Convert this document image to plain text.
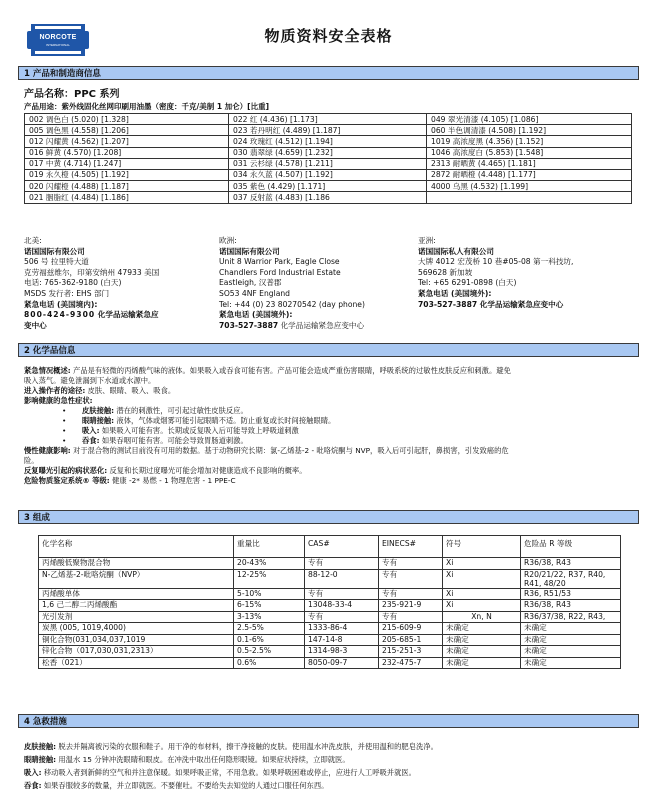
NORCOTE
INTERNATIONAL	物质资料安全表格
1 产品和制造商信息
产品名称：PPC 系列
产品用途：紫外线固化丝网印刷用油墨（密度：千克/美制 1 加仑）[比重]
002 调色白 (5.020) [1.328]	022 红 (4.436) [1.173]	049 翠光清漆 (4.105) [1.086]
005 调色黑 (4.558) [1.206]	023 若丹明红 (4.489) [1.187]	060 半色调清漆 (4.508) [1.192]
012 闪耀黄 (4.562) [1.207]	024 玫瑰红 (4.512) [1.194]	1019 高浓度黑 (4.356) [1.152]
016 鲜黄 (4.570) [1.208]	030 翡翠绿 (4.659) [1.232]	1046 高浓度白 (5.853) [1.548]
017 中黄 (4.714) [1.247]	031 云杉绿 (4.578) [1.211]	2313 耐晒黄 (4.465) [1.181]
019 永久橙 (4.505) [1.192]	034 永久蓝 (4.507) [1.192]	2872 耐晒橙 (4.448) [1.177]
020 闪耀橙 (4.488) [1.187]	035 紫色 (4.429) [1.171]	4000 乌黑 (4.532) [1.199]
021 胭脂红 (4.484) [1.186]	037 反射蓝 (4.483) [1.186	
北美:
诺国国际有限公司
506 号 拉里特大道
克劳福兹维尔，印第安纳州 47933 美国
电话: 765-362-9180 (白天)
MSDS 发行者: EHS 部门
紧急电话 (美国境内):
800-424-9300 化学品运输紧急应
变中心
欧洲:
诺国国际有限公司
Unit 8 Warrior Park, Eagle Close
Chandlers Ford Industrial Estate
Eastleigh, 汉普郡
SO53 4NF England
Tel: +44 (0) 23 80270542 (day phone)
紧急电话 (美国境外):
703-527-3887 化学品运输紧急应变中心
亚洲:
诺国国际私人有限公司
大牌 4012 宏茂桥 10 巷#05-08 第一科技坊,
569628 新加坡
Tel: +65 6291-0898 (白天)
紧急电话 (美国境外):
703-527-3887 化学品运输紧急应变中心
2 化学品信息
紧急情况概述: 产品是有轻微的丙烯酸气味的液体。如果吸入或吞食可能有害。产品可能会造成严重伤害眼睛，呼吸系统的过敏性皮肤反应和刺激。避免
吸入蒸气。避免泄漏到下水道或水源中。
进入操作者的途径: 皮肤、眼睛、吸入、吸食。
影响健康的急性症状:
• 皮肤接触: 潜在的刺激性，可引起过敏性皮肤反应。
• 眼睛接触: 液体，气体或烟雾可能引起眼睛不适。防止重复或长时间接触眼睛。
• 吸入: 如果吸入可能有害。长期或反复吸入后可能导致上呼吸道刺激
• 吞食: 如果吞咽可能有害。可能会导致胃肠道刺激。
慢性健康影响: 对于混合物的测试目前没有可用的数据。基于动物研究长期：氯-乙烯基-2 - 吡咯烷酮与 NVP，吸入后可引起肝，鼻损害，引发致癌的危
险。
反复曝光引起的病状恶化: 反复和长期过度曝光可能会增加对健康造成不良影响的概率。
危险物质鉴定系统® 等级: 健康 -2* 易燃 - 1 物理危害 - 1 PPE-C
3 组成
化学名称	重量比	CAS#	EINECS#	符号	危险品 R 等级
丙烯酸低聚物混合物	20-43%	专有	专有	Xi	R36/38, R43
N-乙烯基-2-吡咯烷酮（NVP）	12-25%	88-12-0	专有	Xi	R20/21/22, R37, R40, R41, 48/20
丙烯酸单体	5-10%	专有	专有	Xi	R36, R51/53
1,6 己二醇二丙烯酸酯	6-15%	13048-33-4	235-921-9	Xi	R36/38, R43
光引发剂	3-13%	专有	专有	Xn, N	R36/37/38, R22, R43,
炭黑 (005, 1019,4000)	2.5-5%	1333-86-4	215-609-9	未确定	未确定
铜化合物(031,034,037,1019	0.1-6%	147-14-8	205-685-1	未确定	未确定
锌化合物（017,030,031,2313）	0.5-2.5%	1314-98-3	215-251-3	未确定	未确定
松香（021）	0.6%	8050-09-7	232-475-7	未确定	未确定
4 急救措施
皮肤接触: 脱去并隔离被污染的衣服和鞋子。用干净的布材料，擦干净接触的皮肤。使用温水冲洗皮肤，并使用温和的肥皂洗净。
眼睛接触: 用温水 15 分钟冲洗眼睛和眼皮。在冲洗中取出任何隐形眼镜。如果症状持续，立即就医。
吸入: 移动吸入者到新鲜的空气和并注意保暖。如果呼吸正常，不用急救。如果呼吸困难或停止，应进行人工呼吸并就医。
吞食: 如果吞服较多的数量，并立即就医。不要催吐。不要给失去知觉的人通过口服任何东西。
